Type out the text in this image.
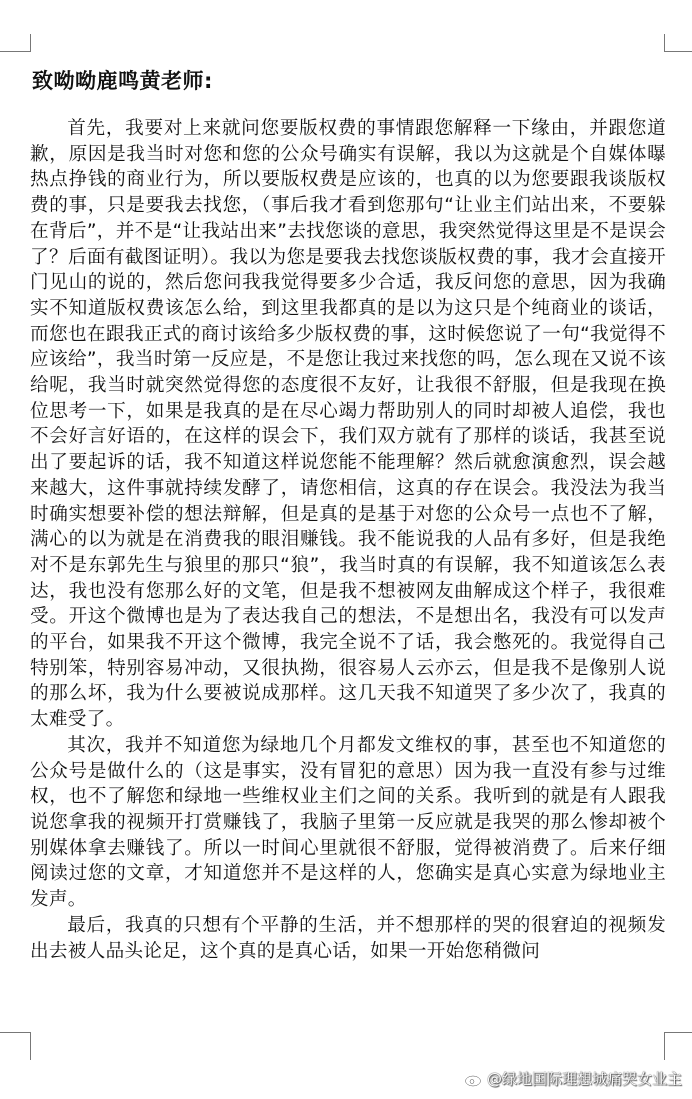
致呦呦鹿鸣黄老师:

首先，我要对上来就问您要版权费的事情跟您解释一下缘由，并跟您道歉，原因是我当时对您和您的公众号确实有误解，我以为这就是个自媒体曝热点挣钱的商业行为，所以要版权费是应该的，也真的以为您要跟我谈版权费的事，只是要我去找您，（事后我才看到您那句“让业主们站出来，不要躲在背后”，并不是“让我站出来”去找您谈的意思，我突然觉得这里是不是误会了？后面有截图证明）。我以为您是要我去找您谈版权费的事，我才会直接开门见山的说的，然后您问我我觉得要多少合适，我反问您的意思，因为我确实不知道版权费该怎么给，到这里我都真的是以为这只是个纯商业的谈话，而您也在跟我正式的商讨该给多少版权费的事，这时候您说了一句“我觉得不应该给”，我当时第一反应是，不是您让我过来找您的吗，怎么现在又说不该给呢，我当时就突然觉得您的态度很不友好，让我很不舒服，但是我现在换位思考一下，如果是我真的是在尽心竭力帮助别人的同时却被人追偿，我也不会好言好语的，在这样的误会下，我们双方就有了那样的谈话，我甚至说出了要起诉的话，我不知道这样说您能不能理解？然后就愈演愈烈，误会越来越大，这件事就持续发酵了，请您相信，这真的存在误会。我没法为我当时确实想要补偿的想法辩解，但是真的是基于对您的公众号一点也不了解，满心的以为就是在消费我的眼泪赚钱。我不能说我的人品有多好，但是我绝对不是东郭先生与狼里的那只“狼”，我当时真的有误解，我不知道该怎么表达，我也没有您那么好的文笔，但是我不想被网友曲解成这个样子，我很难受。开这个微博也是为了表达我自己的想法，不是想出名，我没有可以发声的平台，如果我不开这个微博，我完全说不了话，我会憋死的。我觉得自己特别笨，特别容易冲动，又很执拗，很容易人云亦云，但是我不是像别人说的那么坏，我为什么要被说成那样。这几天我不知道哭了多少次了，我真的太难受了。

其次，我并不知道您为绿地几个月都发文维权的事，甚至也不知道您的公众号是做什么的（这是事实，没有冒犯的意思）因为我一直没有参与过维权，也不了解您和绿地一些维权业主们之间的关系。我听到的就是有人跟我说您拿我的视频开打赏赚钱了，我脑子里第一反应就是我哭的那么惨却被个别媒体拿去赚钱了。所以一时间心里就很不舒服，觉得被消费了。后来仔细阅读过您的文章，才知道您并不是这样的人，您确实是真心实意为绿地业主发声。

最后，我真的只想有个平静的生活，并不想那样的哭的很窘迫的视频发出去被人品头论足，这个真的是真心话，如果一开始您稍微问

@绿地国际理想城痛哭女业主
